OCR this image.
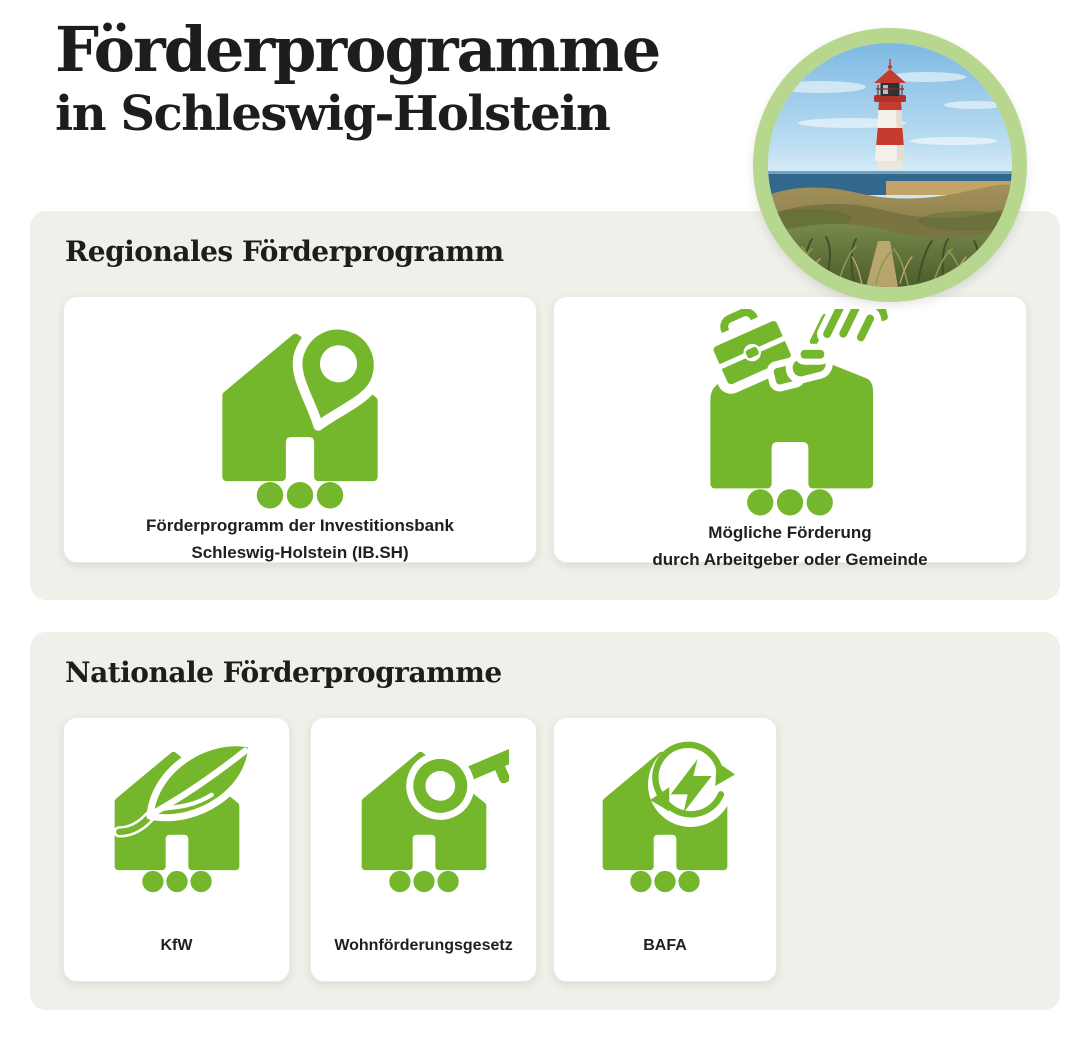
Förderprogramme
in Schleswig-Holstein
Regionales Förderprogramm
Förderprogramm der Investitionsbank
Schleswig-Holstein (IB.SH)
Mögliche Förderung
durch Arbeitgeber oder Gemeinde
Nationale Förderprogramme
KfW	Wohnförderungsgesetz	BAFA
